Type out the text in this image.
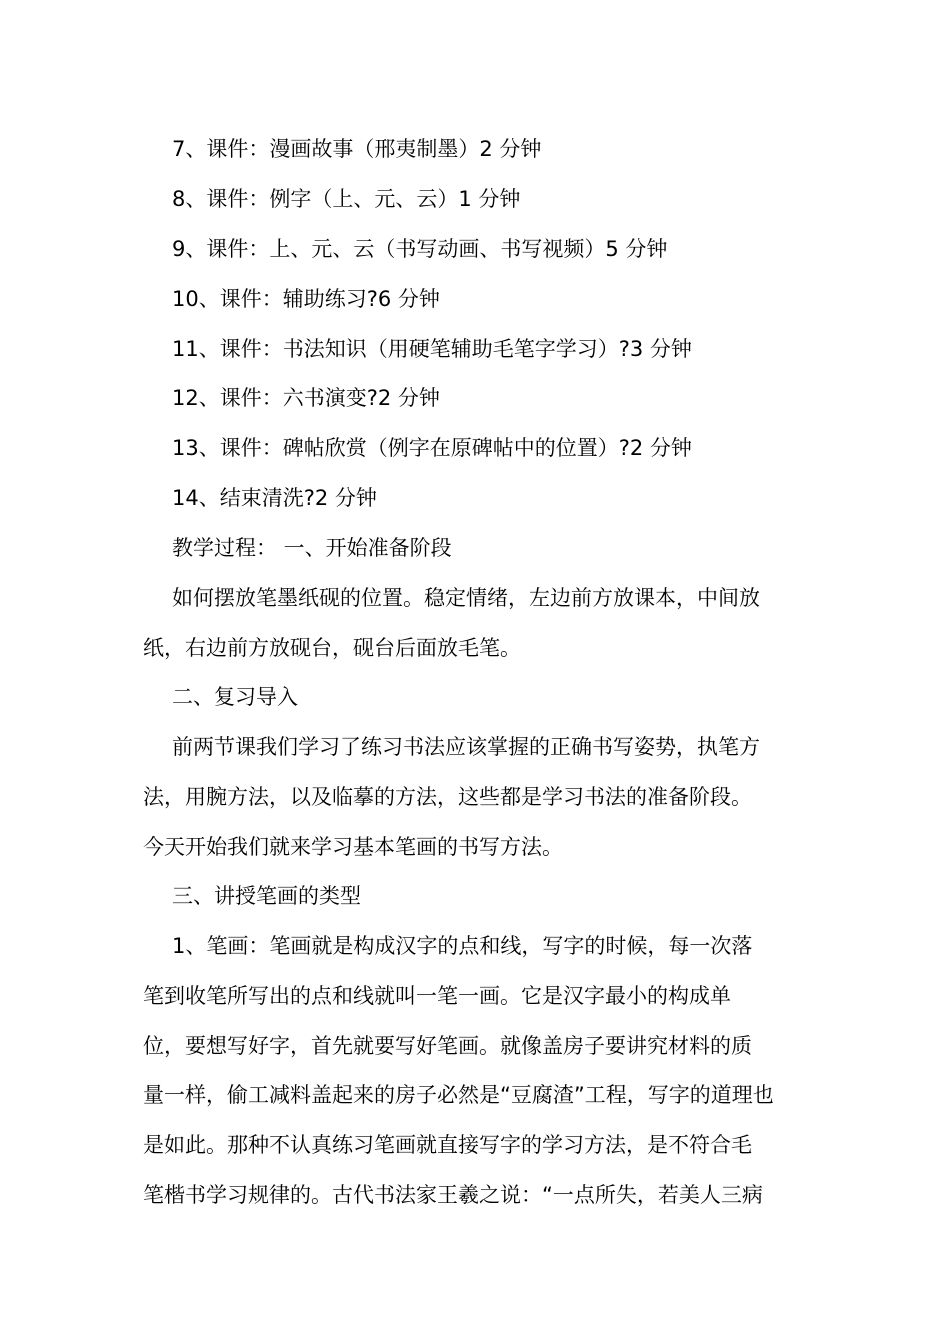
7、课件：漫画故事（邢夷制墨）2 分钟

8、课件：例字（上、元、云）1 分钟

9、课件：上、元、云（书写动画、书写视频）5 分钟

10、课件：辅助练习?6 分钟

11、课件：书法知识（用硬笔辅助毛笔字学习）?3 分钟

12、课件：六书演变?2 分钟

13、课件：碑帖欣赏（例字在原碑帖中的位置）?2 分钟

14、结束清洗?2 分钟

教学过程： 一、开始准备阶段

如何摆放笔墨纸砚的位置。稳定情绪，左边前方放课本，中间放

纸，右边前方放砚台，砚台后面放毛笔。

二、复习导入

前两节课我们学习了练习书法应该掌握的正确书写姿势，执笔方

法，用腕方法，以及临摹的方法，这些都是学习书法的准备阶段。

今天开始我们就来学习基本笔画的书写方法。

三、讲授笔画的类型

1、笔画：笔画就是构成汉字的点和线，写字的时候，每一次落

笔到收笔所写出的点和线就叫一笔一画。它是汉字最小的构成单

位，要想写好字，首先就要写好笔画。就像盖房子要讲究材料的质

量一样，偷工减料盖起来的房子必然是“豆腐渣”工程，写字的道理也

是如此。那种不认真练习笔画就直接写字的学习方法，是不符合毛

笔楷书学习规律的。古代书法家王羲之说：“一点所失，若美人三病
